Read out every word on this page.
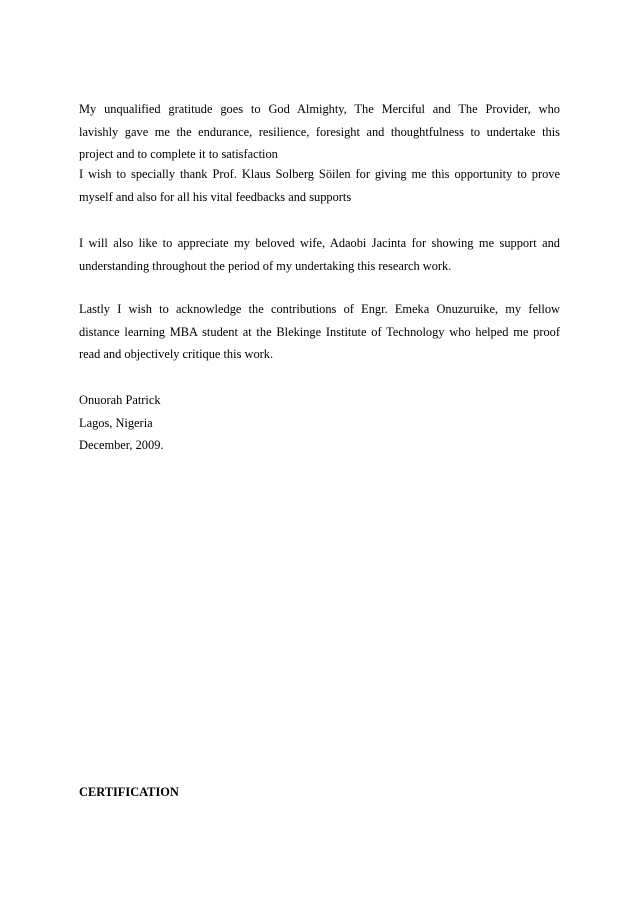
My unqualified gratitude goes to God Almighty, The Merciful and The Provider, who
lavishly gave me the endurance, resilience, foresight and thoughtfulness to undertake this
project and to complete it to satisfaction
I wish to specially thank Prof. Klaus Solberg Söilen for giving me this opportunity to prove
myself and also for all his vital feedbacks and supports
I will also like to appreciate my beloved wife, Adaobi Jacinta for showing me support and
understanding throughout the period of my undertaking this research work.
Lastly I wish to acknowledge the contributions of Engr. Emeka Onuzuruike, my fellow
distance learning MBA student at the Blekinge Institute of Technology who helped me proof
read and objectively critique this work.
Onuorah Patrick
Lagos, Nigeria
December, 2009.
CERTIFICATION
